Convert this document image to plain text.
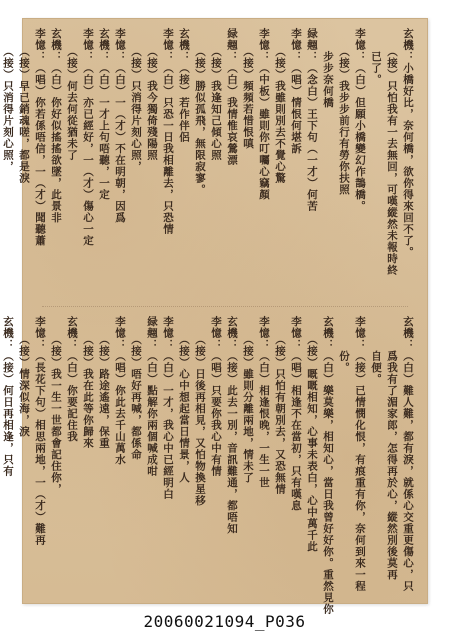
玄機：小橋好比，奈何橋，欲你得來回不了。

　　（接）只怕我有一去無回，可嘆縱然未報時終

　　已了。

李憶：（白）但願小橋變幻作鵲橋。

　　（接）我步步前行有勞你扶照

　　步步奈何橋

緑翹：（念白）王下句（一才）何苦

李憶：（唱）情恨何堪訴

　　（接）我雖則別去不覺心驚

李憶：（中板）雖則你叮囑心竊顏

　　（接）頻頻若惜恨嗔

緑翹：（白）我情惟哀鶯漂

　　（接）我逢知己傾心照

　　（接）勝似孤飛，無限寂寥。

玄機：（接）若作伴侶

李憶：（白）只恐一日我相離去，只恐情

　　（接）我今獨倚殘陽照

　　（接）只消得片刻心照，

李憶：（白）一（才）不在明朝，因爲

玄機：（白）一才上句唔聽，一定

李憶：（白）亦已經好，一（才）傷心一定

　　（接）何去何從猶未了

玄機：（白）你好似搖搖欲墜，此景非

李憶：（唱）你若係唔信，一（才）聞聽蕭

　　（接）早已銷魂嗟，都是淚

　　（接）只消得片刻心照，

玄機：（白）難人難，都有淚，就係心交重更傷心，只

　　　爲我有了湄家郎，怎得再於心，縱然別後莫再

　　　自便。

李憶：（接）已情憫化恨，有痕重有你，奈何到來一程

　　　份。

玄機：（白）樂莫樂，相知心，當日我曾好好你。重然見你

　　（接）嘅嘅相知，心事未表白，心中萬千此

李憶：（唱）相逢不在當初，只有嘆息

　　（接）只怕有朝別去，又恐無情

李憶：（白）相逢恨晚，一生一世

　　（接）雖則分離兩地，情未了

玄機：（接）此去一別，音訊難通，都唔知

李憶：（唱）只要你我心中有情

　　（接）日後再相見，又怕物換星移

　　（接）心中想起當日情景，人

李憶：（白）一才，我心中已經明白

緑翹：（白）點解你兩個喊成咁

　　（接）唔好再喊，都係命

李憶：（唱）你此去千山萬水

　　（接）路途遙遠，保重

　　（接）我在此等你歸來

玄機：（白）你要記住我

　　（接）我一生一世都會記住你，

李憶：（長花下句）相思兩地，一（才）難再

　　（接）情深似海，淚

玄機：（接）何日再相逢，只有

20060021094_P036
